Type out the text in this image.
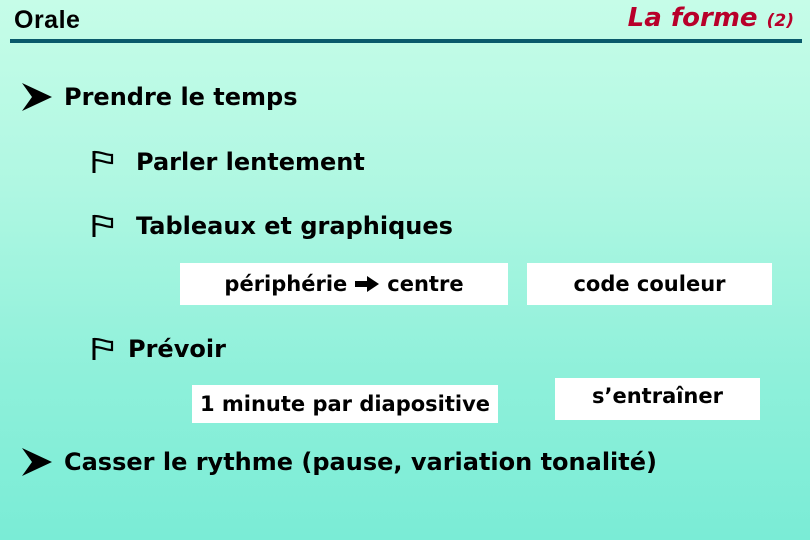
Orale	La forme (2)
Prendre le temps
Parler lentement
Tableaux et graphiques
périphérie centre	code couleur
Prévoir
1 minute par diapositive	s’entraîner
Casser le rythme (pause, variation tonalité)
